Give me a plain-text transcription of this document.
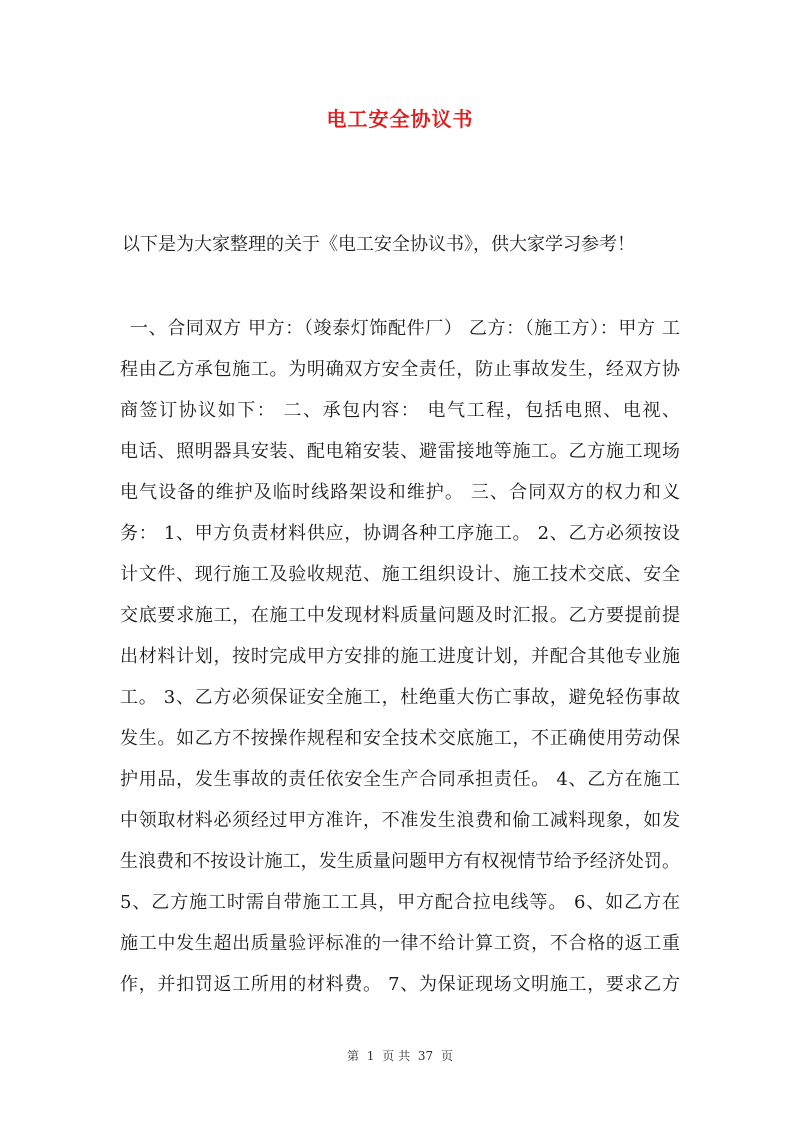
电工安全协议书
以下是为大家整理的关于《电工安全协议书》，供大家学习参考！
一、合同双方 甲方：（竣泰灯饰配件厂） 乙方：（施工方）：甲方 工
程由乙方承包施工。为明确双方安全责任，防止事故发生，经双方协
商签订协议如下： 二、承包内容： 电气工程，包括电照、电视、
电话、照明器具安装、配电箱安装、避雷接地等施工。乙方施工现场
电气设备的维护及临时线路架设和维护。 三、合同双方的权力和义
务： 1、甲方负责材料供应，协调各种工序施工。 2、乙方必须按设
计文件、现行施工及验收规范、施工组织设计、施工技术交底、安全
交底要求施工，在施工中发现材料质量问题及时汇报。乙方要提前提
出材料计划，按时完成甲方安排的施工进度计划，并配合其他专业施
工。 3、乙方必须保证安全施工，杜绝重大伤亡事故，避免轻伤事故
发生。如乙方不按操作规程和安全技术交底施工，不正确使用劳动保
护用品，发生事故的责任依安全生产合同承担责任。 4、乙方在施工
中领取材料必须经过甲方准许，不准发生浪费和偷工减料现象，如发
生浪费和不按设计施工，发生质量问题甲方有权视情节给予经济处罚。
5、乙方施工时需自带施工工具，甲方配合拉电线等。 6、如乙方在
施工中发生超出质量验评标准的一律不给计算工资，不合格的返工重
作，并扣罚返工所用的材料费。 7、为保证现场文明施工，要求乙方
第 1 页 共 37 页
